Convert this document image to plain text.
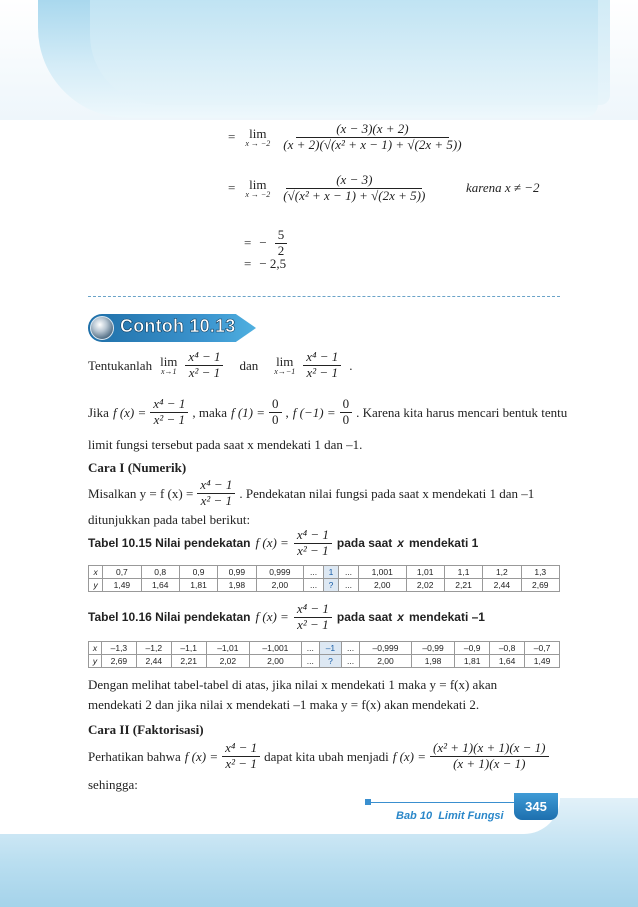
= lim
$x \to -2 \frac{(x - 3)(x + 2)}{\text{(x + 2)(√(x² + x − 1) + √(2x + 5))}}$
= lim
$x \to -2 \frac{(x - 3)}{\text{(√(x² + x − 1) + √(2x + 5))}}$	karena x ≠ −2
= − $\frac{5}{2}$
= − 2,5
Contoh 10.13
Tentukanlah lim
$x\to 1 \frac{\text{x⁴ − 1}}{\text{x² − 1}}$ dan lim
$x\to-1 \frac{\text{x⁴ − 1}}{\text{x² − 1}}$ .
Jika f $(x) = \frac{\text{x⁴ − 1}}{\text{x² − 1}}$ , maka f $(1) = \frac{0}{0}$ , f $(-1) = \frac{0}{0}$ . Karena kita harus mencari bentuk tentu
limit fungsi tersebut pada saat x mendekati 1 dan –1.
Cara I (Numerik)
Misalkan y = f $(x) = \frac{\text{x⁴ − 1}}{\text{x² − 1}}$ . Pendekatan nilai fungsi pada saat x mendekati 1 dan –1
ditunjukkan pada tabel berikut:
Tabel 10.15 Nilai pendekatan f $(x) = \frac{\text{x⁴ − 1}}{\text{x² − 1}}$ pada saat x mendekati 1
x	0,7	0,8	0,9	0,99	0,999	...	1	...	1,001	1,01	1,1	1,2	1,3
y	1,49	1,64	1,81	1,98	2,00	...	?	...	2,00	2,02	2,21	2,44	2,69
Tabel 10.16 Nilai pendekatan f $(x) = \frac{\text{x⁴ − 1}}{\text{x² − 1}}$ pada saat x mendekati –1
x	–1,3	–1,2	–1,1	–1,01	–1,001	...	–1	...	–0,999	–0,99	–0,9	–0,8	–0,7
y	2,69	2,44	2,21	2,02	2,00	...	?	...	2,00	1,98	1,81	1,64	1,49
Dengan melihat tabel-tabel di atas, jika nilai x mendekati 1 maka y = f(x) akan
mendekati 2 dan jika nilai x mendekati –1 maka y = f(x) akan mendekati 2.
Cara II (Faktorisasi)
Perhatikan bahwa f $(x) = \frac{\text{x⁴ − 1}}{\text{x² − 1}}$ dapat kita ubah menjadi f $(x) = \frac{\text{(x² + 1)(x + 1)(x − 1)}}{(x + 1)(x - 1)}$
sehingga:
345
Bab 10 Limit Fungsi
